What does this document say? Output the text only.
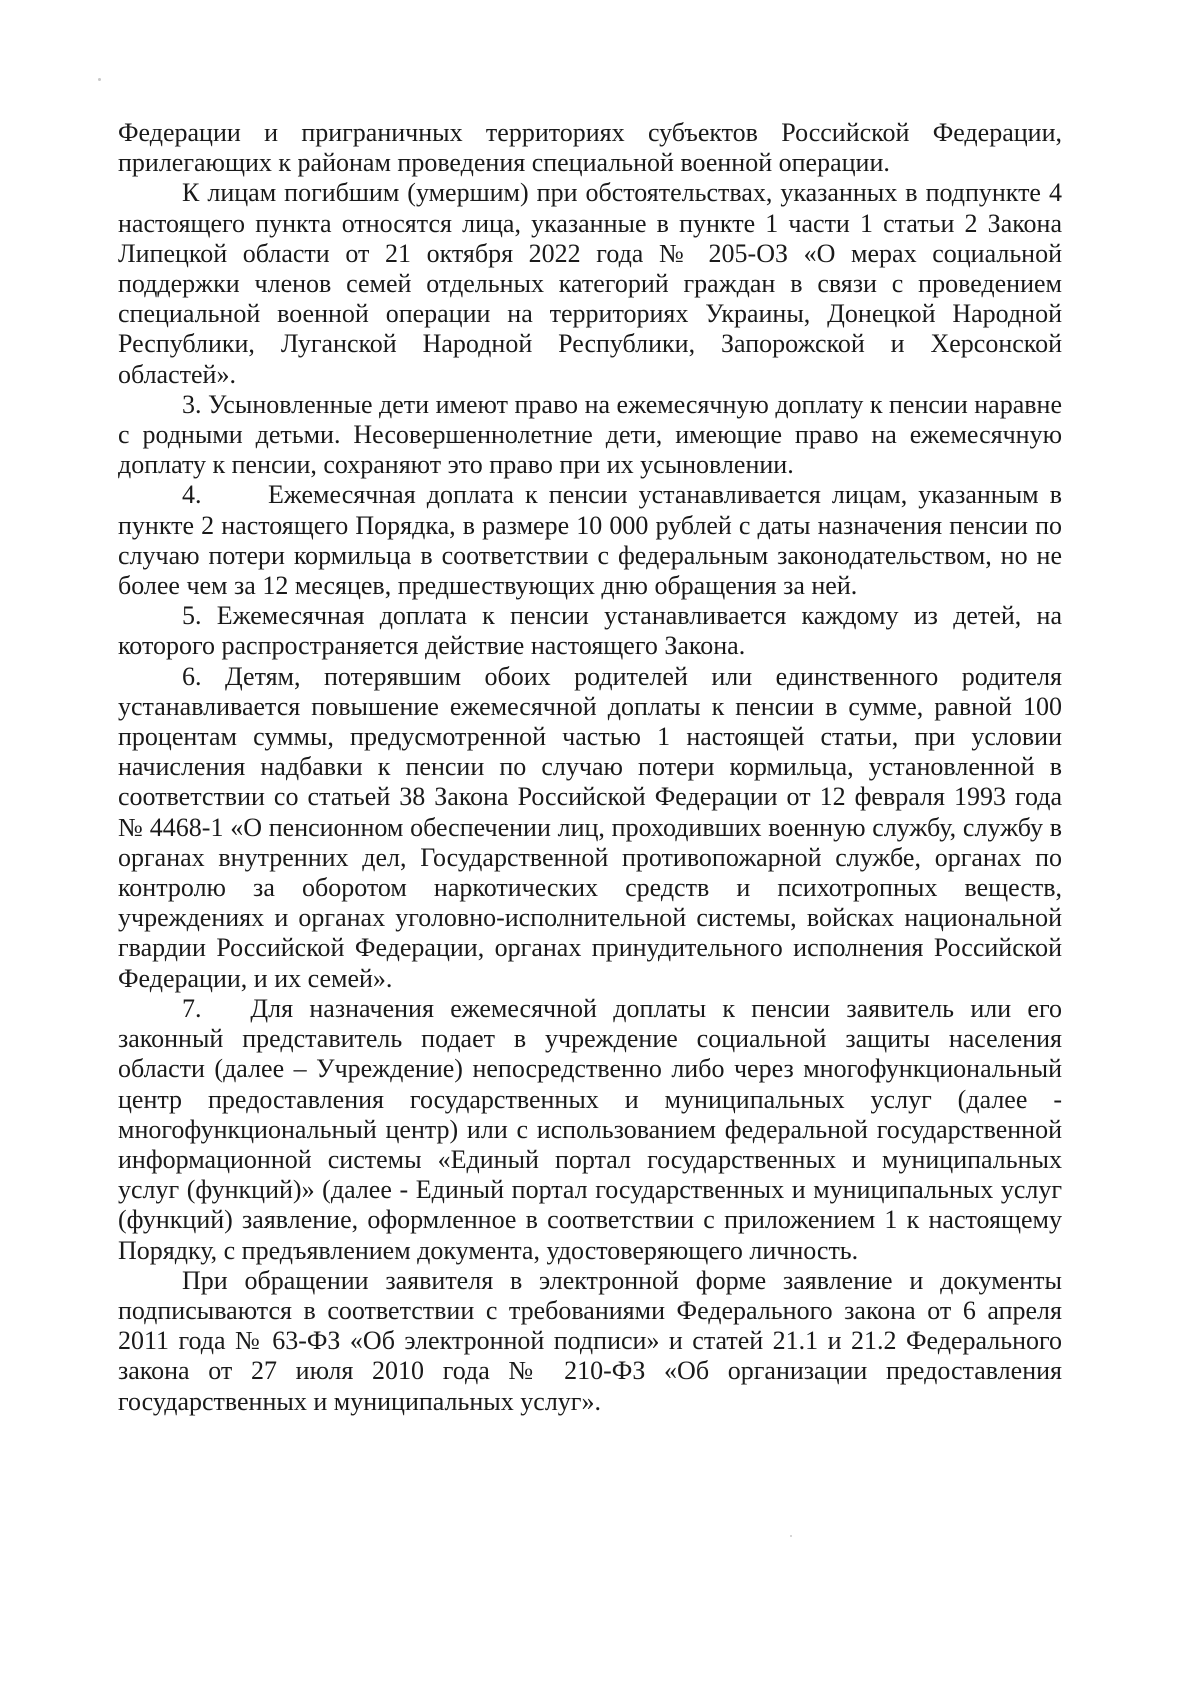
Федерации и приграничных территориях субъектов Российской Федерации, прилегающих к районам проведения специальной военной операции.

К лицам погибшим (умершим) при обстоятельствах, указанных в подпункте 4 настоящего пункта относятся лица, указанные в пункте 1 части 1 статьи 2 Закона Липецкой области от 21 октября 2022 года № 205-ОЗ «О мерах социальной поддержки членов семей отдельных категорий граждан в связи с проведением специальной военной операции на территориях Украины, Донецкой Народной Республики, Луганской Народной Республики, Запорожской и Херсонской областей».

3. Усыновленные дети имеют право на ежемесячную доплату к пенсии наравне с родными детьми. Несовершеннолетние дети, имеющие право на ежемесячную доплату к пенсии, сохраняют это право при их усыновлении.

4.      Ежемесячная доплата к пенсии устанавливается лицам, указанным в пункте 2 настоящего Порядка, в размере 10 000 рублей с даты назначения пенсии по случаю потери кормильца в соответствии с федеральным законодательством, но не более чем за 12 месяцев, предшествующих дню обращения за ней.

5. Ежемесячная доплата к пенсии устанавливается каждому из детей, на которого распространяется действие настоящего Закона.

6. Детям, потерявшим обоих родителей или единственного родителя устанавливается повышение ежемесячной доплаты к пенсии в сумме, равной 100 процентам суммы, предусмотренной частью 1 настоящей статьи, при условии начисления надбавки к пенсии по случаю потери кормильца, установленной в соответствии со статьей 38 Закона Российской Федерации от 12 февраля 1993 года № 4468-1 «О пенсионном обеспечении лиц, проходивших военную службу, службу в органах внутренних дел, Государственной противопожарной службе, органах по контролю за оборотом наркотических средств и психотропных веществ, учреждениях и органах уголовно-исполнительной системы, войсках национальной гвардии Российской Федерации, органах принудительного исполнения Российской Федерации, и их семей».

7.   Для назначения ежемесячной доплаты к пенсии заявитель или его законный представитель подает в учреждение социальной защиты населения области (далее – Учреждение) непосредственно либо через многофункциональный центр предоставления государственных и муниципальных услуг (далее - многофункциональный центр) или с использованием федеральной государственной информационной системы «Единый портал государственных и муниципальных услуг (функций)» (далее - Единый портал государственных и муниципальных услуг (функций) заявление, оформленное в соответствии с приложением 1 к настоящему Порядку, с предъявлением документа, удостоверяющего личность.

При обращении заявителя в электронной форме заявление и документы подписываются в соответствии с требованиями Федерального закона от 6 апреля 2011 года № 63-ФЗ «Об электронной подписи» и статей 21.1 и 21.2 Федерального закона от 27 июля 2010 года № 210-ФЗ «Об организации предоставления государственных и муниципальных услуг».
